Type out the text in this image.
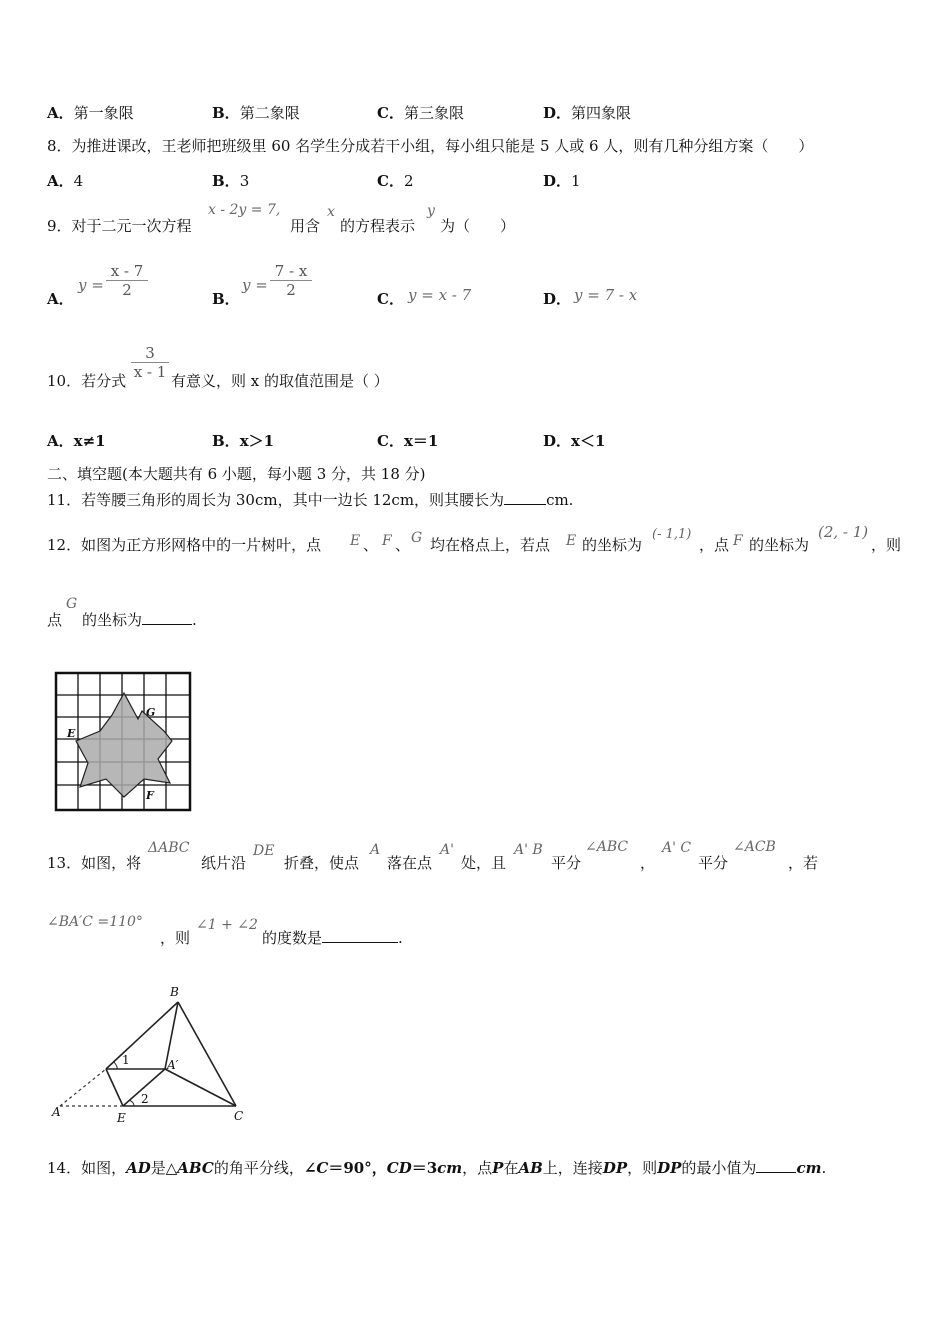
A．第一象限	B．第二象限	C．第三象限	D．第四象限
8．为推进课改，王老师把班级里 60 名学生分成若干小组，每小组只能是 5 人或 6 人，则有几种分组方案（　　）
A．4	B．3	C．2	D．1
9．对于二元一次方程
x - 2y = 7,
用含
x
的方程表示
y
为（　　）
A．
y =
x - 7
2	B．
y =
7 - x
2	C． y = x - 7	D． y = 7 - x
10．若分式
3
x - 1 有意义，则 x 的取值范围是（ ）
A．x≠1	B．x＞1	C．x＝1	D．x＜1
二、填空题(本大题共有 6 小题，每小题 3 分，共 18 分)
11．若等腰三角形的周长为 30cm，其中一边长 12cm，则其腰长为	cm.
12．如图为正方形网格中的一片树叶，点 E 、 F 、 G 均在格点上，若点 E 的坐标为
(- 1,1)
，点 F 的坐标为
(2, - 1)
，则
点
G
的坐标为	.
G
E
F
13．如图，将
ΔABC
纸片沿
DE
折叠，使点
A
落在点
A'
处，且
A' B
平分
∠ABC
，
A' C
平分
∠ACB
，若
∠BA′C =110°
，则
∠1 + ∠2
的度数是	.
B
A′
A	E	C
1
2
14．如图，AD是△ABC的角平分线，∠C＝90°，CD＝3cm，点P在AB上，连接DP，则DP的最小值为	cm.
